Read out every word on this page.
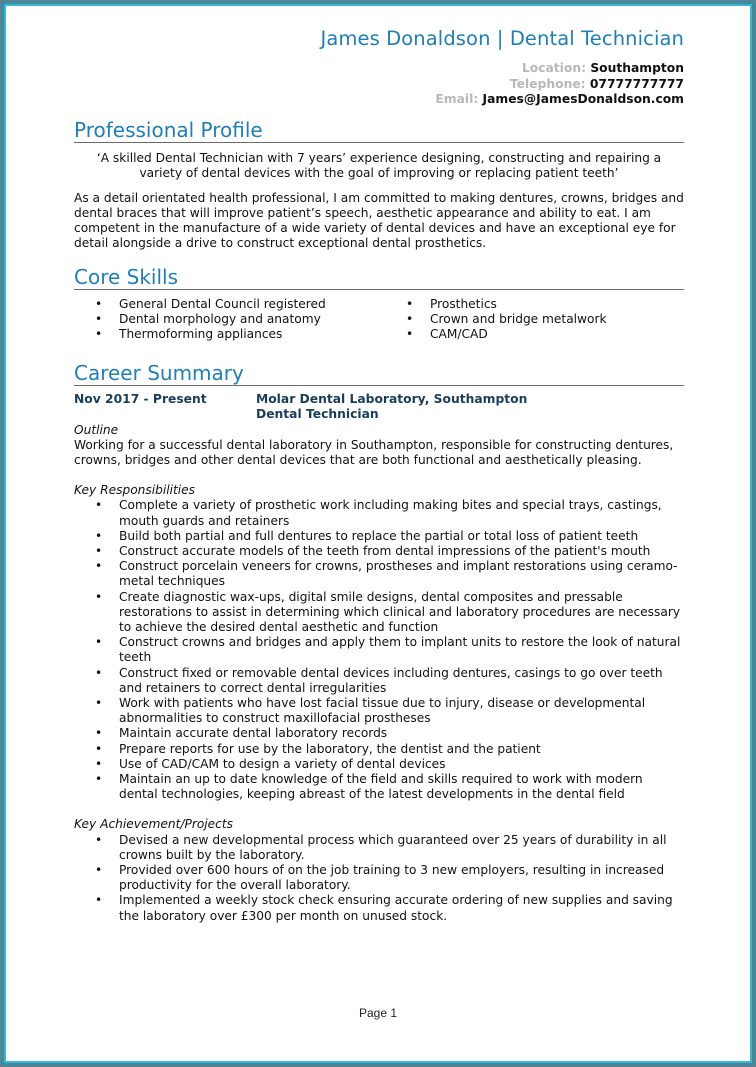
James Donaldson | Dental Technician
Location: Southampton
Telephone: 07777777777
Email: James@JamesDonaldson.com
Professional Profile

‘A skilled Dental Technician with 7 years’ experience designing, constructing and repairing a variety of dental devices with the goal of improving or replacing patient teeth’

As a detail orientated health professional, I am committed to making dentures, crowns, bridges and dental braces that will improve patient’s speech, aesthetic appearance and ability to eat. I am competent in the manufacture of a wide variety of dental devices and have an exceptional eye for detail alongside a drive to construct exceptional dental prosthetics.

Core Skills
• General Dental Council registered
• Dental morphology and anatomy
• Thermoforming appliances
• Prosthetics
• Crown and bridge metalwork
• CAM/CAD
Career Summary
Nov 2017 - Present	Molar Dental Laboratory, Southampton
Dental Technician
Outline

Working for a successful dental laboratory in Southampton, responsible for constructing dentures, crowns, bridges and other dental devices that are both functional and aesthetically pleasing.

Key Responsibilities
• Complete a variety of prosthetic work including making bites and special trays, castings, mouth guards and retainers
• Build both partial and full dentures to replace the partial or total loss of patient teeth
• Construct accurate models of the teeth from dental impressions of the patient's mouth
• Construct porcelain veneers for crowns, prostheses and implant restorations using ceramo-metal techniques
• Create diagnostic wax-ups, digital smile designs, dental composites and pressable restorations to assist in determining which clinical and laboratory procedures are necessary to achieve the desired dental aesthetic and function
• Construct crowns and bridges and apply them to implant units to restore the look of natural teeth
• Construct fixed or removable dental devices including dentures, casings to go over teeth and retainers to correct dental irregularities
• Work with patients who have lost facial tissue due to injury, disease or developmental abnormalities to construct maxillofacial prostheses
• Maintain accurate dental laboratory records
• Prepare reports for use by the laboratory, the dentist and the patient
• Use of CAD/CAM to design a variety of dental devices
• Maintain an up to date knowledge of the field and skills required to work with modern dental technologies, keeping abreast of the latest developments in the dental field
Key Achievement/Projects
• Devised a new developmental process which guaranteed over 25 years of durability in all crowns built by the laboratory.
• Provided over 600 hours of on the job training to 3 new employers, resulting in increased productivity for the overall laboratory.
• Implemented a weekly stock check ensuring accurate ordering of new supplies and saving the laboratory over £300 per month on unused stock.
Page 1
